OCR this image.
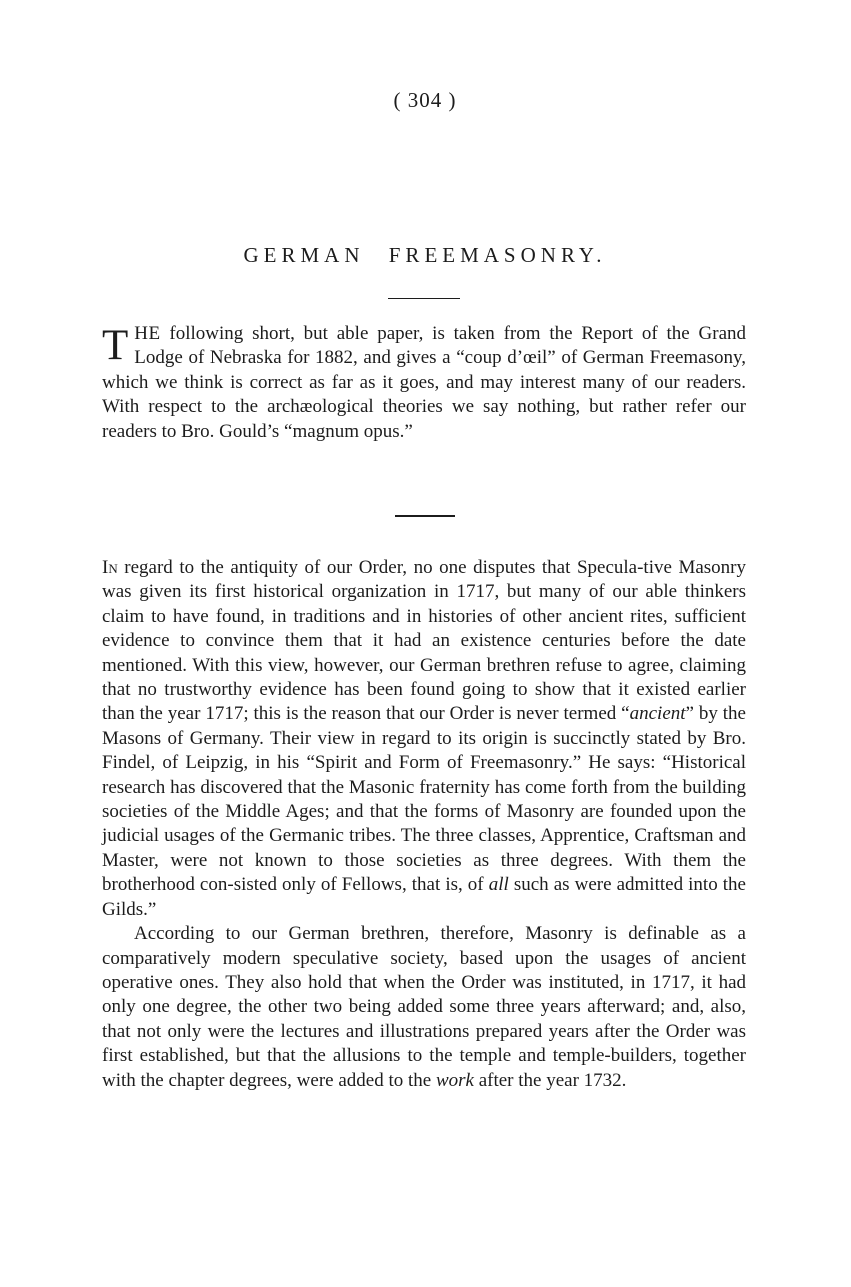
( 304 )
GERMAN FREEMASONRY.

THE following short, but able paper, is taken from the Report of the Grand Lodge of Nebraska for 1882, and gives a “coup d’œil” of German Freemasony, which we think is correct as far as it goes, and may interest many of our readers. With respect to the archæological theories we say nothing, but rather refer our readers to Bro. Gould’s “magnum opus.”

In regard to the antiquity of our Order, no one disputes that Specula-tive Masonry was given its first historical organization in 1717, but many of our able thinkers claim to have found, in traditions and in histories of other ancient rites, sufficient evidence to convince them that it had an existence centuries before the date mentioned. With this view, however, our German brethren refuse to agree, claiming that no trustworthy evidence has been found going to show that it existed earlier than the year 1717; this is the reason that our Order is never termed “ancient” by the Masons of Germany. Their view in regard to its origin is succinctly stated by Bro. Findel, of Leipzig, in his “Spirit and Form of Freemasonry.” He says: “Historical research has discovered that the Masonic fraternity has come forth from the building societies of the Middle Ages; and that the forms of Masonry are founded upon the judicial usages of the Germanic tribes. The three classes, Apprentice, Craftsman and Master, were not known to those societies as three degrees. With them the brotherhood con-sisted only of Fellows, that is, of all such as were admitted into the Gilds.”

According to our German brethren, therefore, Masonry is definable as a comparatively modern speculative society, based upon the usages of ancient operative ones. They also hold that when the Order was instituted, in 1717, it had only one degree, the other two being added some three years afterward; and, also, that not only were the lectures and illustrations prepared years after the Order was first established, but that the allusions to the temple and temple-builders, together with the chapter degrees, were added to the work after the year 1732.
